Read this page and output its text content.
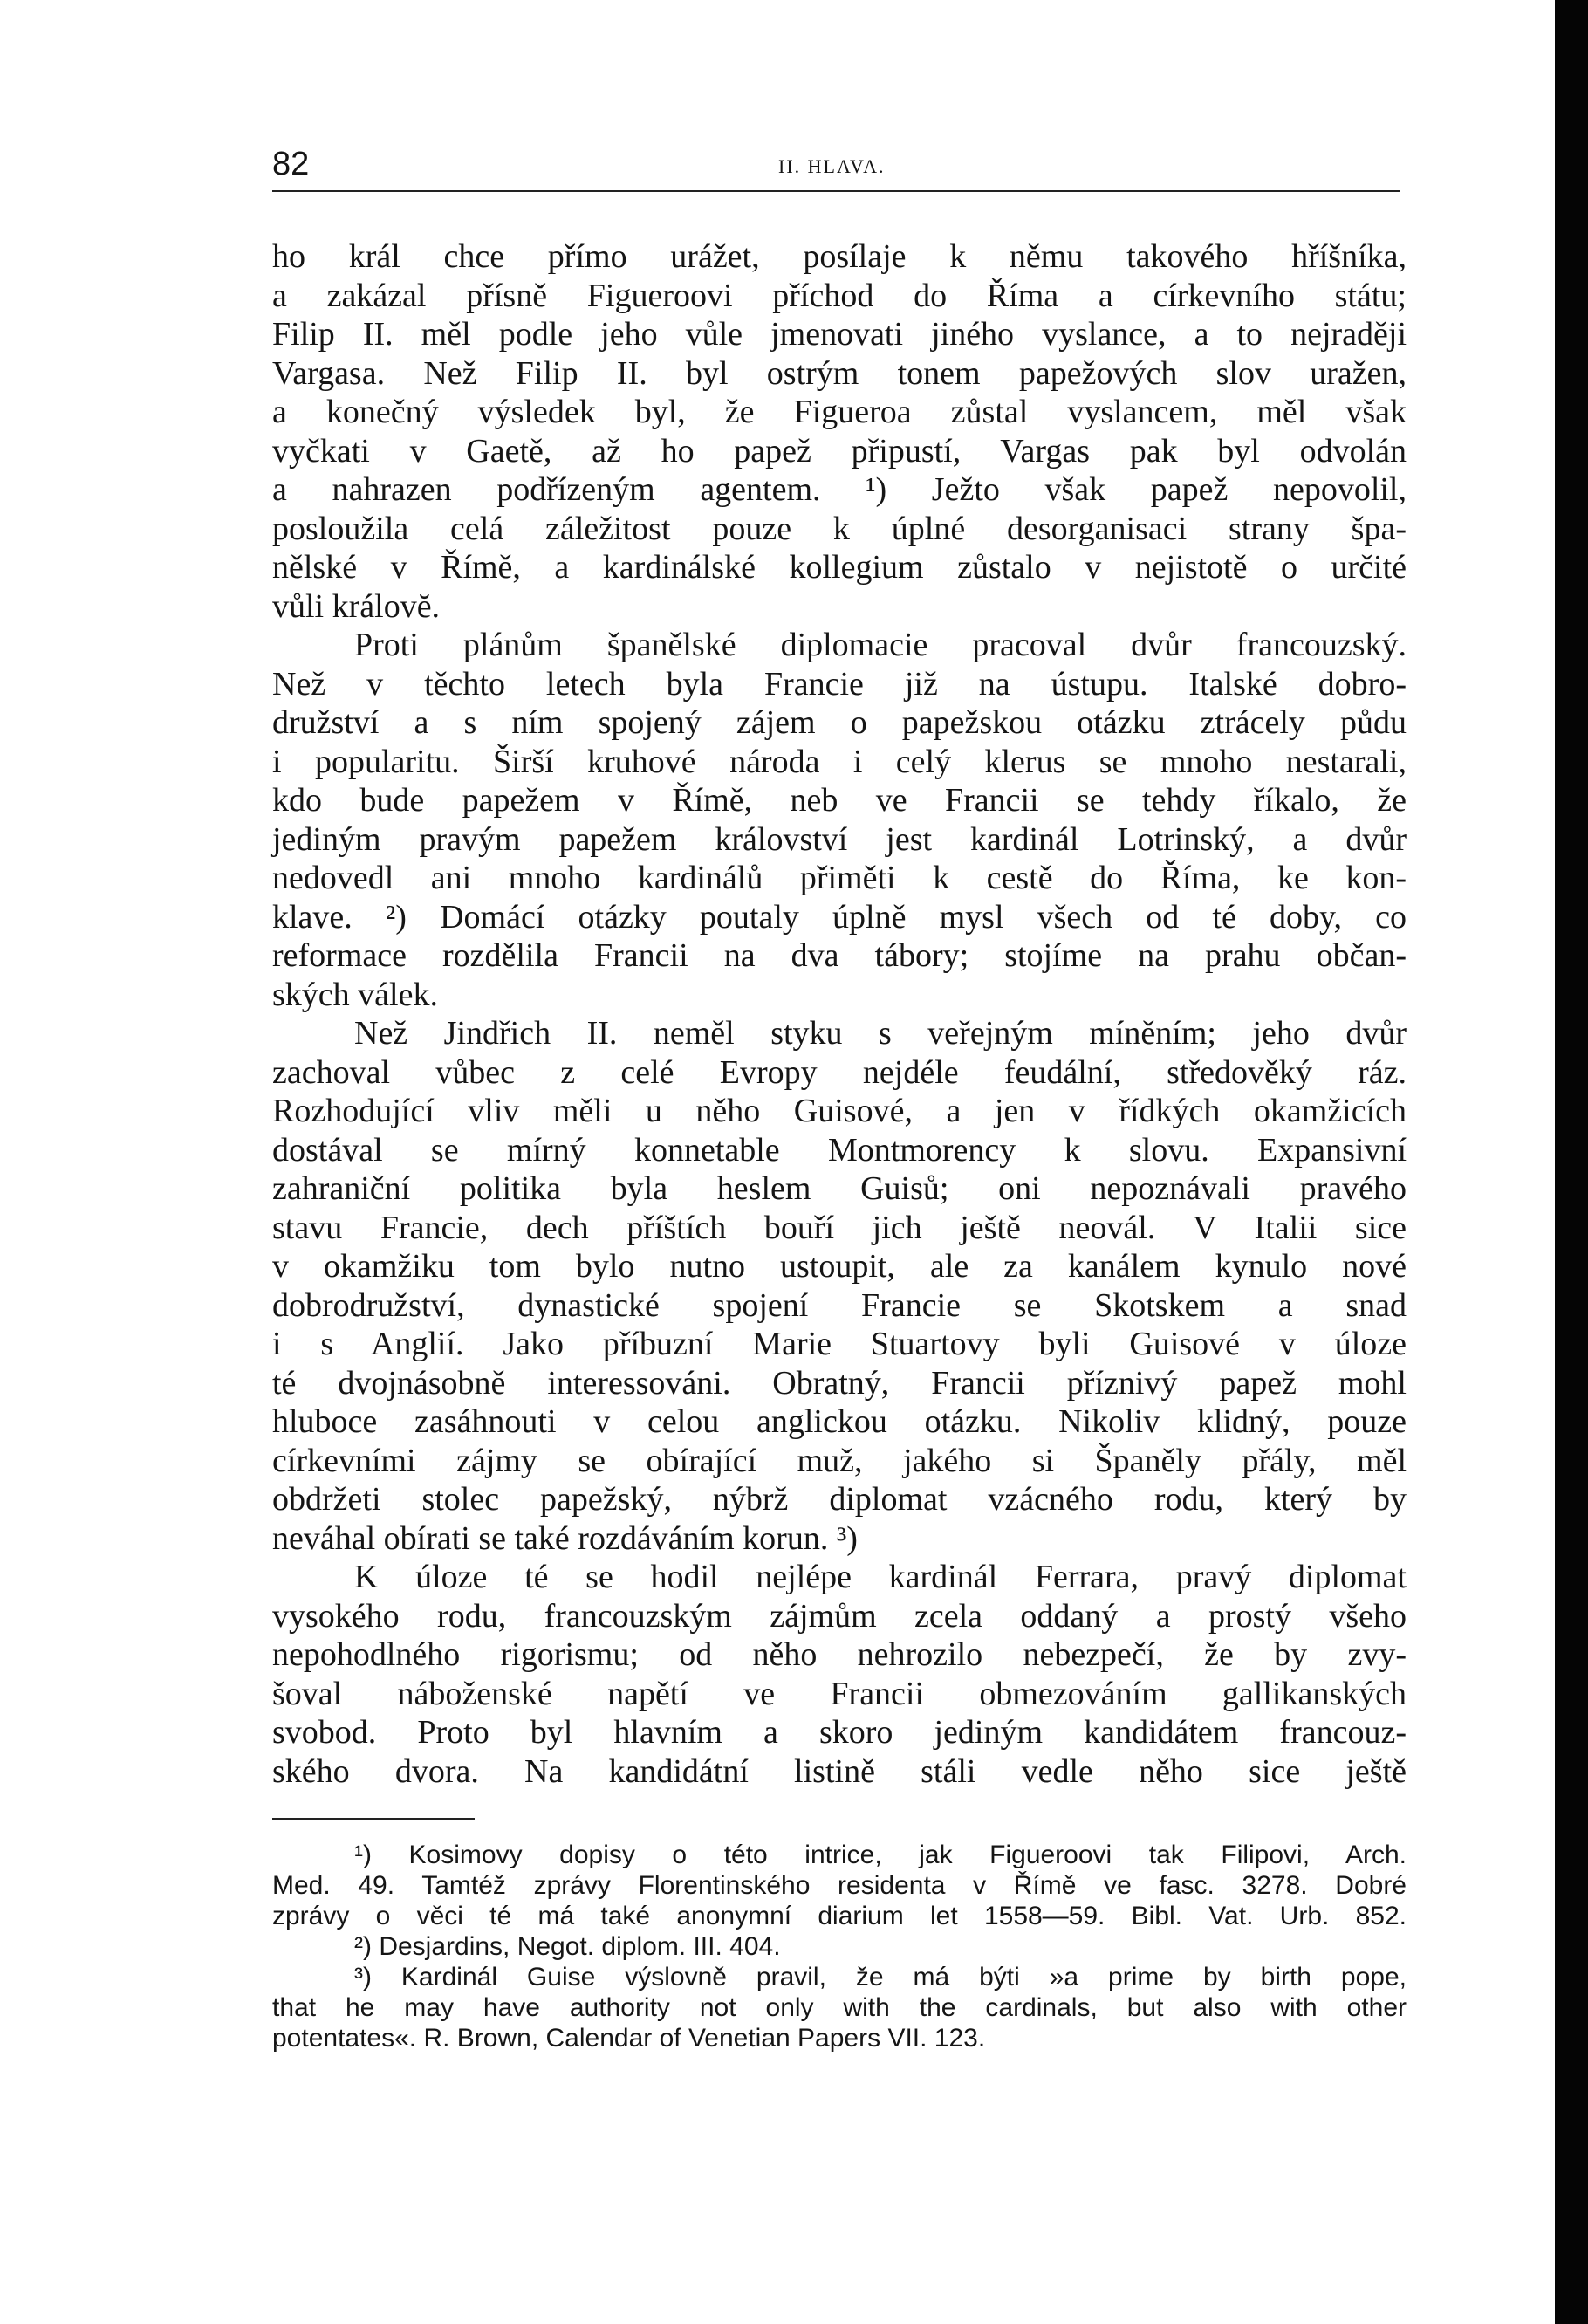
82	II. HLAVA.
ho král chce přímo urážet, posílaje k němu takového hříšníka,
a zakázal přísně Figueroovi příchod do Říma a církevního státu;
Filip II. měl podle jeho vůle jmenovati jiného vyslance, a to nejraději
Vargasa. Než Filip II. byl ostrým tonem papežových slov uražen,
a konečný výsledek byl, že Figueroa zůstal vyslancem, měl však
vyčkati v Gaetě, až ho papež připustí, Vargas pak byl odvolán
a nahrazen podřízeným agentem. ¹) Ježto však papež nepovolil,
posloužila celá záležitost pouze k úplné desorganisaci strany špa-
nělské v Římě, a kardinálské kollegium zůstalo v nejistotě o určité
vůli královĕ.
Proti plánům španělské diplomacie pracoval dvůr francouzský.
Než v těchto letech byla Francie již na ústupu. Italské dobro-
družství a s ním spojený zájem o papežskou otázku ztrácely půdu
i popularitu. Širší kruhové národa i celý klerus se mnoho nestarali,
kdo bude papežem v Římě, neb ve Francii se tehdy říkalo, že
jediným pravým papežem království jest kardinál Lotrinský, a dvůr
nedovedl ani mnoho kardinálů přiměti k cestě do Říma, ke kon-
klave. ²) Domácí otázky poutaly úplně mysl všech od té doby, co
reformace rozdělila Francii na dva tábory; stojíme na prahu občan-
ských válek.
Než Jindřich II. neměl styku s veřejným míněním; jeho dvůr
zachoval vůbec z celé Evropy nejdéle feudální, středověký ráz.
Rozhodující vliv měli u něho Guisové, a jen v řídkých okamžicích
dostával se mírný konnetable Montmorency k slovu. Expansivní
zahraniční politika byla heslem Guisů; oni nepoznávali pravého
stavu Francie, dech příštích bouří jich ještě neovál. V Italii sice
v okamžiku tom bylo nutno ustoupit, ale za kanálem kynulo nové
dobrodružství, dynastické spojení Francie se Skotskem a snad
i s Anglií. Jako příbuzní Marie Stuartovy byli Guisové v úloze
té dvojnásobně interessováni. Obratný, Francii příznivý papež mohl
hluboce zasáhnouti v celou anglickou otázku. Nikoliv klidný, pouze
církevními zájmy se obírající muž, jakého si Španěly přály, měl
obdržeti stolec papežský, nýbrž diplomat vzácného rodu, který by
neváhal obírati se také rozdáváním korun. ³)
K úloze té se hodil nejlépe kardinál Ferrara, pravý diplomat
vysokého rodu, francouzským zájmům zcela oddaný a prostý všeho
nepohodlného rigorismu; od něho nehrozilo nebezpečí, že by zvy-
šoval náboženské napětí ve Francii obmezováním gallikanských
svobod. Proto byl hlavním a skoro jediným kandidátem francouz-
ského dvora. Na kandidátní listině stáli vedle něho sice ještě
¹) Kosimovy dopisy o této intrice, jak Figueroovi tak Filipovi, Arch.
Med. 49. Tamtéž zprávy Florentinského residenta v Římě ve fasc. 3278. Dobré
zprávy o věci té má také anonymní diarium let 1558—59. Bibl. Vat. Urb. 852.
²) Desjardins, Negot. diplom. III. 404.
³) Kardinál Guise výslovně pravil, že má býti »a prime by birth pope,
that he may have authority not only with the cardinals, but also with other
potentates«. R. Brown, Calendar of Venetian Papers VII. 123.
